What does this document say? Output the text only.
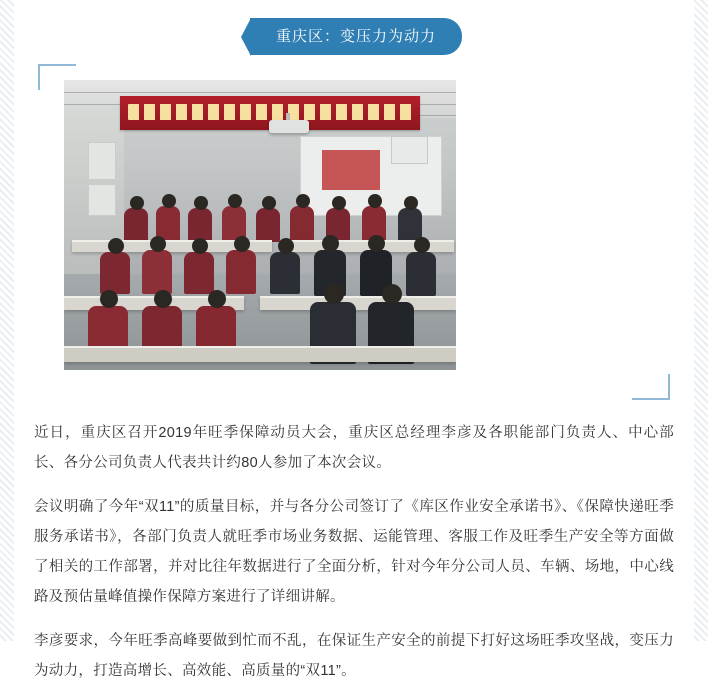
重庆区：变压力为动力

近日，重庆区召开2019年旺季保障动员大会，重庆区总经理李彦及各职能部门负责人、中心部长、各分公司负责人代表共计约80人参加了本次会议。

会议明确了今年“双11”的质量目标，并与各分公司签订了《库区作业安全承诺书》、《保障快递旺季服务承诺书》，各部门负责人就旺季市场业务数据、运能管理、客服工作及旺季生产安全等方面做了相关的工作部署，并对比往年数据进行了全面分析，针对今年分公司人员、车辆、场地，中心线路及预估量峰值操作保障方案进行了详细讲解。

李彦要求，今年旺季高峰要做到忙而不乱，在保证生产安全的前提下打好这场旺季攻坚战，变压力为动力，打造高增长、高效能、高质量的“双11”。
